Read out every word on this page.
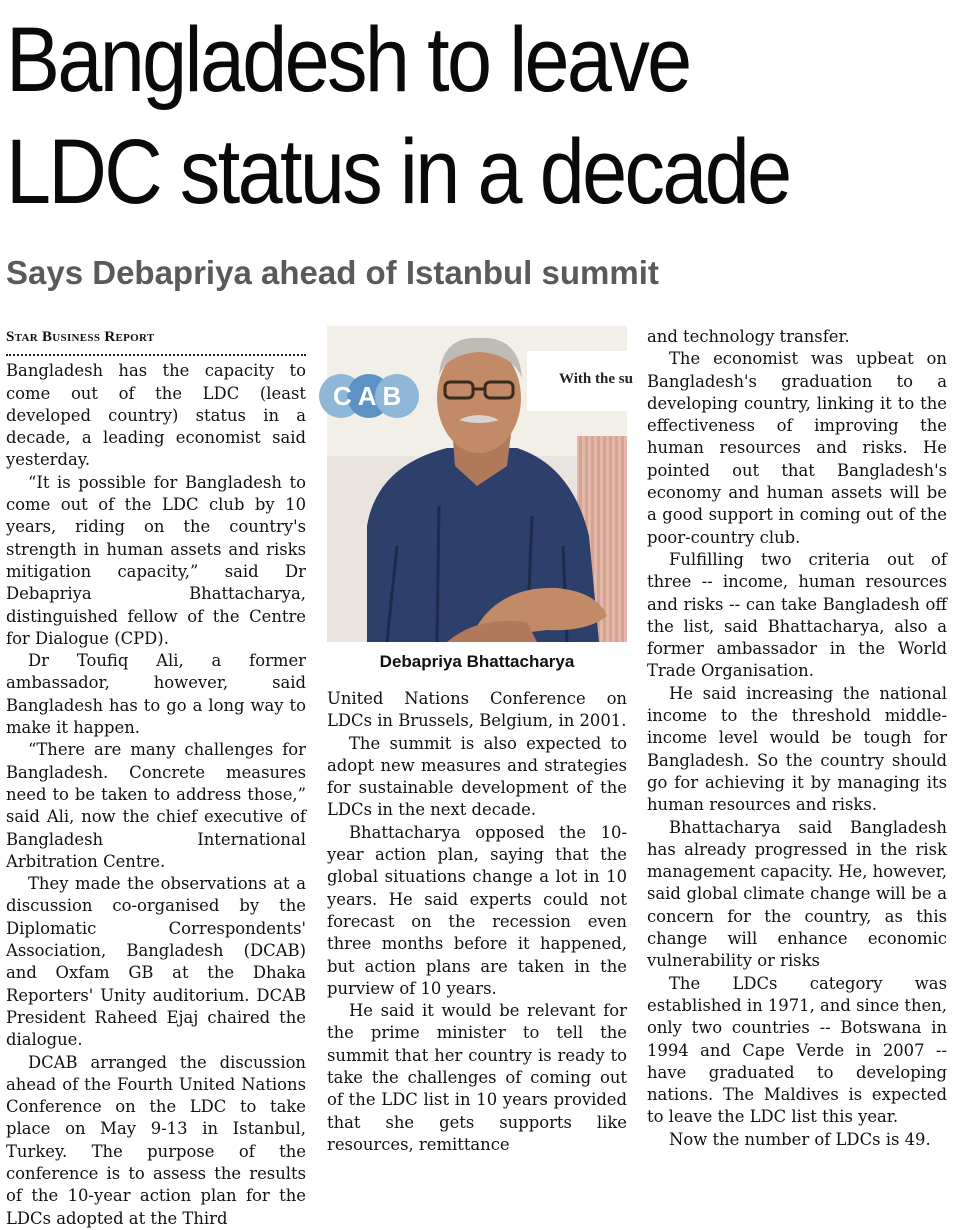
Bangladesh to leave LDC status in a decade
Says Debapriya ahead of Istanbul summit
Star Business Report

Bangladesh has the capacity to come out of the LDC (least developed country) status in a decade, a leading economist said yesterday.

“It is possible for Bangladesh to come out of the LDC club by 10 years, riding on the country's strength in human assets and risks mitigation capacity,” said Dr Debapriya Bhattacharya, distinguished fellow of the Centre for Dialogue (CPD).

Dr Toufiq Ali, a former ambassador, however, said Bangladesh has to go a long way to make it happen.

“There are many challenges for Bangladesh. Concrete measures need to be taken to address those,” said Ali, now the chief executive of Bangladesh International Arbitration Centre.

They made the observations at a discussion co-organised by the Diplomatic Correspondents' Association, Bangladesh (DCAB) and Oxfam GB at the Dhaka Reporters' Unity auditorium. DCAB President Raheed Ejaj chaired the dialogue.

DCAB arranged the discussion ahead of the Fourth United Nations Conference on the LDC to take place on May 9-13 in Istanbul, Turkey. The purpose of the conference is to assess the results of the 10-year action plan for the LDCs adopted at the Third

With the su
CAB
Debapriya Bhattacharya

United Nations Conference on LDCs in Brussels, Belgium, in 2001.

The summit is also expected to adopt new measures and strategies for sustainable development of the LDCs in the next decade.

Bhattacharya opposed the 10-year action plan, saying that the global situations change a lot in 10 years. He said experts could not forecast on the recession even three months before it happened, but action plans are taken in the purview of 10 years.

He said it would be relevant for the prime minister to tell the summit that her country is ready to take the challenges of coming out of the LDC list in 10 years provided that she gets supports like resources, remittance

and technology transfer.

The economist was upbeat on Bangladesh's graduation to a developing country, linking it to the effectiveness of improving the human resources and risks. He pointed out that Bangladesh's economy and human assets will be a good support in coming out of the poor-country club.

Fulfilling two criteria out of three -- income, human resources and risks -- can take Bangladesh off the list, said Bhattacharya, also a former ambassador in the World Trade Organisation.

He said increasing the national income to the threshold middle-income level would be tough for Bangladesh. So the country should go for achieving it by managing its human resources and risks.

Bhattacharya said Bangladesh has already progressed in the risk management capacity. He, however, said global climate change will be a concern for the country, as this change will enhance economic vulnerability or risks

The LDCs category was established in 1971, and since then, only two countries -- Botswana in 1994 and Cape Verde in 2007 -- have graduated to developing nations. The Maldives is expected to leave the LDC list this year.

Now the number of LDCs is 49.
